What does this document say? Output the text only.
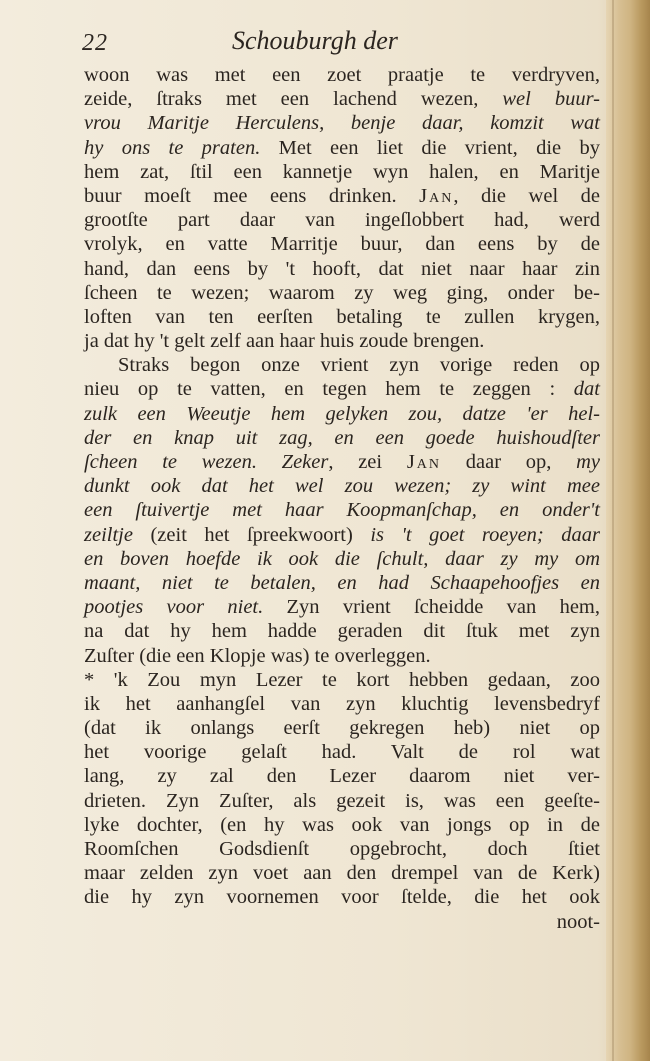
22	Schouburgh der
woon was met een zoet praatje te verdryven,
zeide, ſtraks met een lachend wezen, wel buur-
vrou Maritje Herculens, benje daar, komzit wat
hy ons te praten. Met een liet die vrient, die by
hem zat, ſtil een kannetje wyn halen, en Maritje
buur moeſt mee eens drinken. Jan, die wel de
grootſte part daar van ingeſlobbert had, werd
vrolyk, en vatte Marritje buur, dan eens by de
hand, dan eens by 't hooft, dat niet naar haar zin
ſcheen te wezen; waarom zy weg ging, onder be-
loften van ten eerſten betaling te zullen krygen,
ja dat hy 't gelt zelf aan haar huis zoude brengen.
Straks begon onze vrient zyn vorige reden op
nieu op te vatten, en tegen hem te zeggen : dat
zulk een Weeutje hem gelyken zou, datze 'er hel-
der en knap uit zag, en een goede huishoudſter
ſcheen te wezen. Zeker, zei Jan daar op, my
dunkt ook dat het wel zou wezen; zy wint mee
een ſtuivertje met haar Koopmanſchap, en onder't
zeiltje (zeit het ſpreekwoort) is 't goet roeyen; daar
en boven hoefde ik ook die ſchult, daar zy my om
maant, niet te betalen, en had Schaapehoofjes en
pootjes voor niet. Zyn vrient ſcheidde van hem,
na dat hy hem hadde geraden dit ſtuk met zyn
Zuſter (die een Klopje was) te overleggen.
* 'k Zou myn Lezer te kort hebben gedaan, zoo
ik het aanhangſel van zyn kluchtig levensbedryf
(dat ik onlangs eerſt gekregen heb) niet op
het voorige gelaſt had. Valt de rol wat
lang, zy zal den Lezer daarom niet ver-
drieten. Zyn Zuſter, als gezeit is, was een geeſte-
lyke dochter, (en hy was ook van jongs op in de
Roomſchen Godsdienſt opgebrocht, doch ſtiet
maar zelden zyn voet aan den drempel van de Kerk)
die hy zyn voornemen voor ſtelde, die het ook
noot-
